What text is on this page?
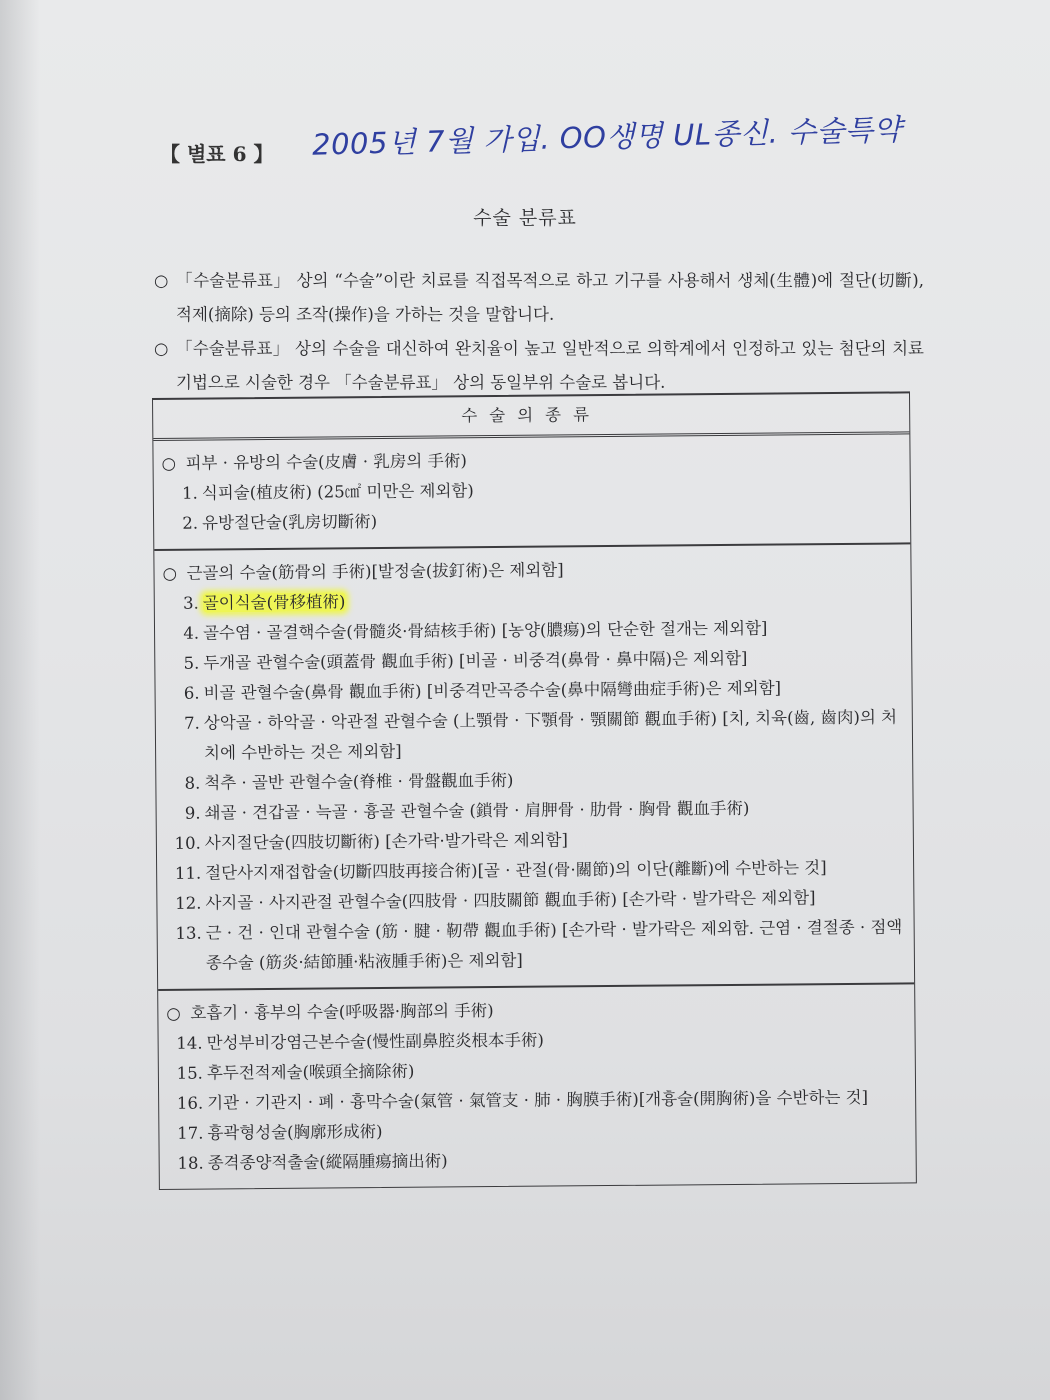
【 별표 6 】 2005년 7월 가입. OO생명 UL종신. 수술특약
수술 분류표
○ 「수술분류표」 상의 “수술”이란 치료를 직접목적으로 하고 기구를 사용해서 생체(生體)에 절단(切斷), 적제(摘除) 등의 조작(操作)을 가하는 것을 말합니다.
○ 「수술분류표」 상의 수술을 대신하여 완치율이 높고 일반적으로 의학계에서 인정하고 있는 첨단의 치료기법으로 시술한 경우 「수술분류표」 상의 동일부위 수술로 봅니다.
수술의종류
○ 피부 · 유방의 수술(皮膚 · 乳房의 手術)
1. 식피술(植皮術) (25㎠ 미만은 제외함)
2. 유방절단술(乳房切斷術)
○ 근골의 수술(筋骨의 手術)[발정술(拔釘術)은 제외함]
3. 골이식술(骨移植術)
4. 골수염 · 골결핵수술(骨髓炎·骨結核手術) [농양(膿瘍)의 단순한 절개는 제외함]
5. 두개골 관혈수술(頭蓋骨 觀血手術) [비골 · 비중격(鼻骨 · 鼻中隔)은 제외함]
6. 비골 관혈수술(鼻骨 觀血手術) [비중격만곡증수술(鼻中隔彎曲症手術)은 제외함]
7. 상악골 · 하악골 · 악관절 관혈수술 (上顎骨 · 下顎骨 · 顎關節 觀血手術) [치, 치육(齒, 齒肉)의 처치에 수반하는 것은 제외함]
8. 척추 · 골반 관혈수술(脊椎 · 骨盤觀血手術)
9. 쇄골 · 견갑골 · 늑골 · 흉골 관혈수술 (鎖骨 · 肩胛骨 · 肋骨 · 胸骨 觀血手術)
10. 사지절단술(四肢切斷術) [손가락·발가락은 제외함]
11. 절단사지재접합술(切斷四肢再接合術)[골 · 관절(骨·關節)의 이단(離斷)에 수반하는 것]
12. 사지골 · 사지관절 관혈수술(四肢骨 · 四肢關節 觀血手術) [손가락 · 발가락은 제외함]
13. 근 · 건 · 인대 관혈수술 (筋 · 腱 · 靭帶 觀血手術) [손가락 · 발가락은 제외함. 근염 · 결절종 · 점액종수술 (筋炎·結節腫·粘液腫手術)은 제외함]
○ 호흡기 · 흉부의 수술(呼吸器·胸部의 手術)
14. 만성부비강염근본수술(慢性副鼻腔炎根本手術)
15. 후두전적제술(喉頭全摘除術)
16. 기관 · 기관지 · 폐 · 흉막수술(氣管 · 氣管支 · 肺 · 胸膜手術)[개흉술(開胸術)을 수반하는 것]
17. 흉곽형성술(胸廓形成術)
18. 종격종양적출술(縱隔腫瘍摘出術)
